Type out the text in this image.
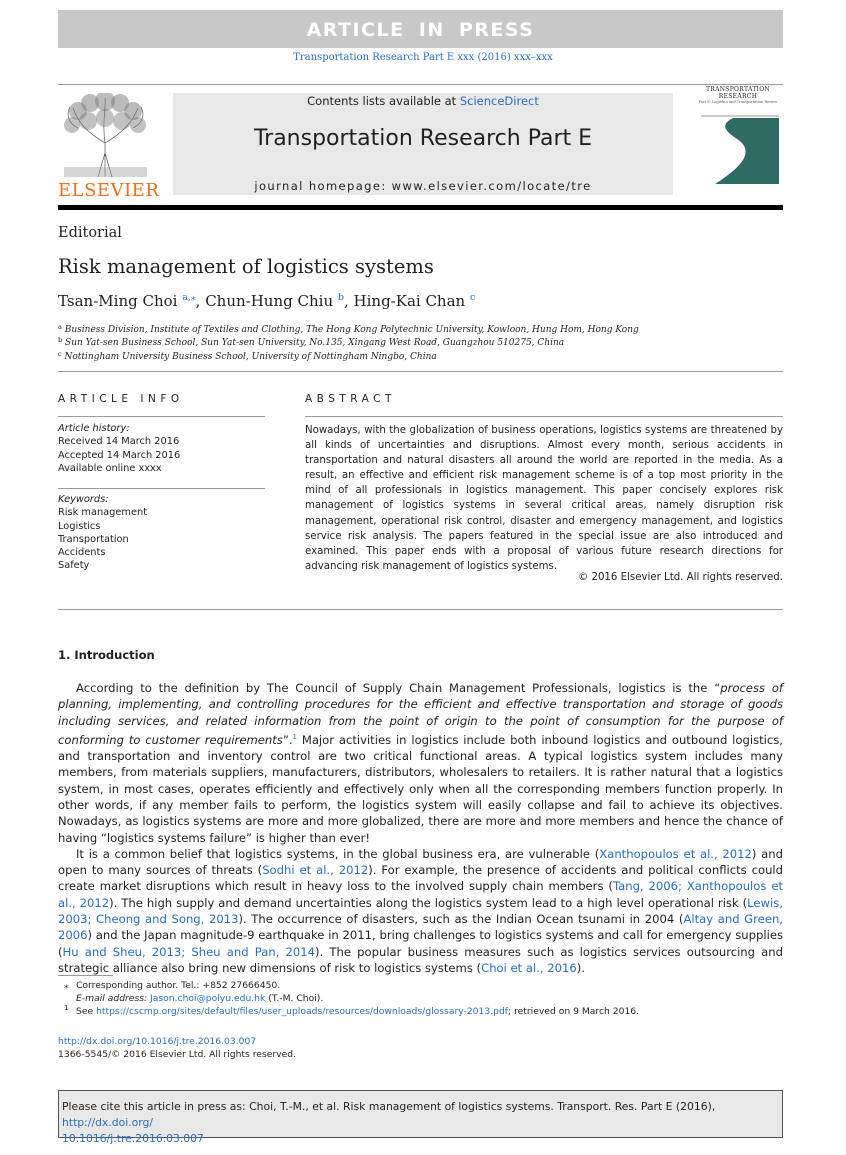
ARTICLE IN PRESS
Transportation Research Part E xxx (2016) xxx–xxx
ELSEVIER
Contents lists available at ScienceDirect
Transportation Research Part E
journal homepage: www.elsevier.com/locate/tre
TRANSPORTATION RESEARCH
Part E: Logistics and Transportation Review
Editorial
Risk management of logistics systems
Tsan-Ming Choi $^{a,⁎}$, Chun-Hung Chiu $^b$, Hing-Kai Chan $^c$
$^a$ Business Division, Institute of Textiles and Clothing, The Hong Kong Polytechnic University, Kowloon, Hung Hom, Hong Kong
$^b$ Sun Yat-sen Business School, Sun Yat-sen University, No.135, Xingang West Road, Guangzhou 510275, China
$^c$ Nottingham University Business School, University of Nottingham Ningbo, China
ARTICLE INFO
Article history:
Received 14 March 2016
Accepted 14 March 2016
Available online xxxx
Keywords:
Risk management
Logistics
Transportation
Accidents
Safety
ABSTRACT
Nowadays, with the globalization of business operations, logistics systems are threatened by all kinds of uncertainties and disruptions. Almost every month, serious accidents in transportation and natural disasters all around the world are reported in the media. As a result, an effective and efficient risk management scheme is of a top most priority in the mind of all professionals in logistics management. This paper concisely explores risk management of logistics systems in several critical areas, namely disruption risk management, operational risk control, disaster and emergency management, and logistics service risk analysis. The papers featured in the special issue are also introduced and examined. This paper ends with a proposal of various future research directions for advancing risk management of logistics systems.
© 2016 Elsevier Ltd. All rights reserved.
1. Introduction

According to the definition by The Council of Supply Chain Management Professionals, logistics is the “process of planning, implementing, and controlling procedures for the efficient and effective transportation and storage of goods including services, and related information from the point of origin to the point of consumption for the purpose of conforming to customer requirements”.$^1$ Major activities in logistics include both inbound logistics and outbound logistics, and transportation and inventory control are two critical functional areas. A typical logistics system includes many members, from materials suppliers, manufacturers, distributors, wholesalers to retailers. It is rather natural that a logistics system, in most cases, operates efficiently and effectively only when all the corresponding members function properly. In other words, if any member fails to perform, the logistics system will easily collapse and fail to achieve its objectives. Nowadays, as logistics systems are more and more globalized, there are more and more members and hence the chance of having “logistics systems failure” is higher than ever!

It is a common belief that logistics systems, in the global business era, are vulnerable (Xanthopoulos et al., 2012) and open to many sources of threats (Sodhi et al., 2012). For example, the presence of accidents and political conflicts could create market disruptions which result in heavy loss to the involved supply chain members (Tang, 2006; Xanthopoulos et al., 2012). The high supply and demand uncertainties along the logistics system lead to a high level operational risk (Lewis, 2003; Cheong and Song, 2013). The occurrence of disasters, such as the Indian Ocean tsunami in 2004 (Altay and Green, 2006) and the Japan magnitude-9 earthquake in 2011, bring challenges to logistics systems and call for emergency supplies (Hu and Sheu, 2013; Sheu and Pan, 2014). The popular business measures such as logistics services outsourcing and strategic alliance also bring new dimensions of risk to logistics systems (Choi et al., 2016).

⁎ Corresponding author. Tel.: +852 27666450.
E-mail address: Jason.choi@polyu.edu.hk (T.-M. Choi).
1 See https://cscmp.org/sites/default/files/user_uploads/resources/downloads/glossary-2013.pdf; retrieved on 9 March 2016.
http://dx.doi.org/10.1016/j.tre.2016.03.007
1366-5545/© 2016 Elsevier Ltd. All rights reserved.
Please cite this article in press as: Choi, T.-M., et al. Risk management of logistics systems. Transport. Res. Part E (2016), http://dx.doi.org/
10.1016/j.tre.2016.03.007
